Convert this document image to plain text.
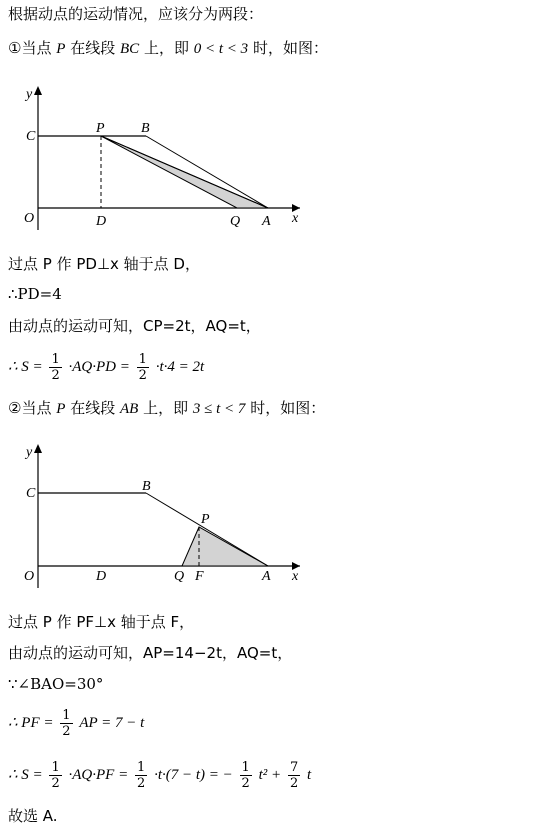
根据动点的运动情况，应该分为两段：
①当点 P 在线段 BC 上，即 0 < t < 3 时，如图：
y
x
C
P	B
O	D	Q A
过点 P 作 PD⊥x 轴于点 D，
∴PD=4
由动点的运动可知，CP=2t，AQ=t，
∴ $S = \frac{1}{2} \cdot AQ\cdot PD = \frac{1}{2} \cdot t\cdot 4 = 2t$
②当点 P 在线段 AB 上，即 3 ≤ t < 7 时，如图：
y
x
C	B
P
O	D	Q F	A
过点 P 作 PF⊥x 轴于点 F，
由动点的运动可知，AP=14−2t，AQ=t，
∵∠BAO=30°
∴ PF = $\frac{1}{2}$ AP = 7 − t
∴ $S = \frac{1}{2} \cdot AQ\cdot PF = \frac{1}{2} \cdot t\cdot(7 - t)$ = − $\frac{1}{2} t^2 + \frac{7}{2}$ t
故选 A.
